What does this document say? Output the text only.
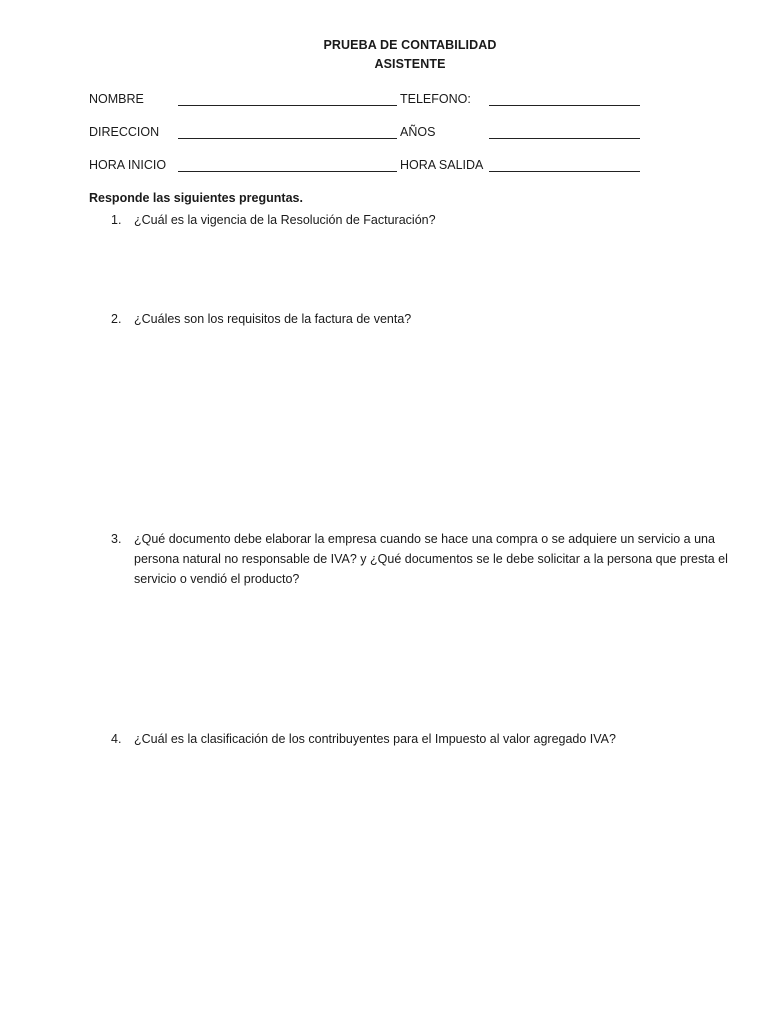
PRUEBA DE CONTABILIDAD
ASISTENTE
NOMBRE	TELEFONO:
DIRECCION	AÑOS
HORA INICIO	HORA SALIDA
Responde las siguientes preguntas.
1. ¿Cuál es la vigencia de la Resolución de Facturación?
2. ¿Cuáles son los requisitos de la factura de venta?
3. ¿Qué documento debe elaborar la empresa cuando se hace una compra o se adquiere un servicio a una persona natural no responsable de IVA? y ¿Qué documentos se le debe solicitar a la persona que presta el servicio o vendió el producto?
4. ¿Cuál es la clasificación de los contribuyentes para el Impuesto al valor agregado IVA?
